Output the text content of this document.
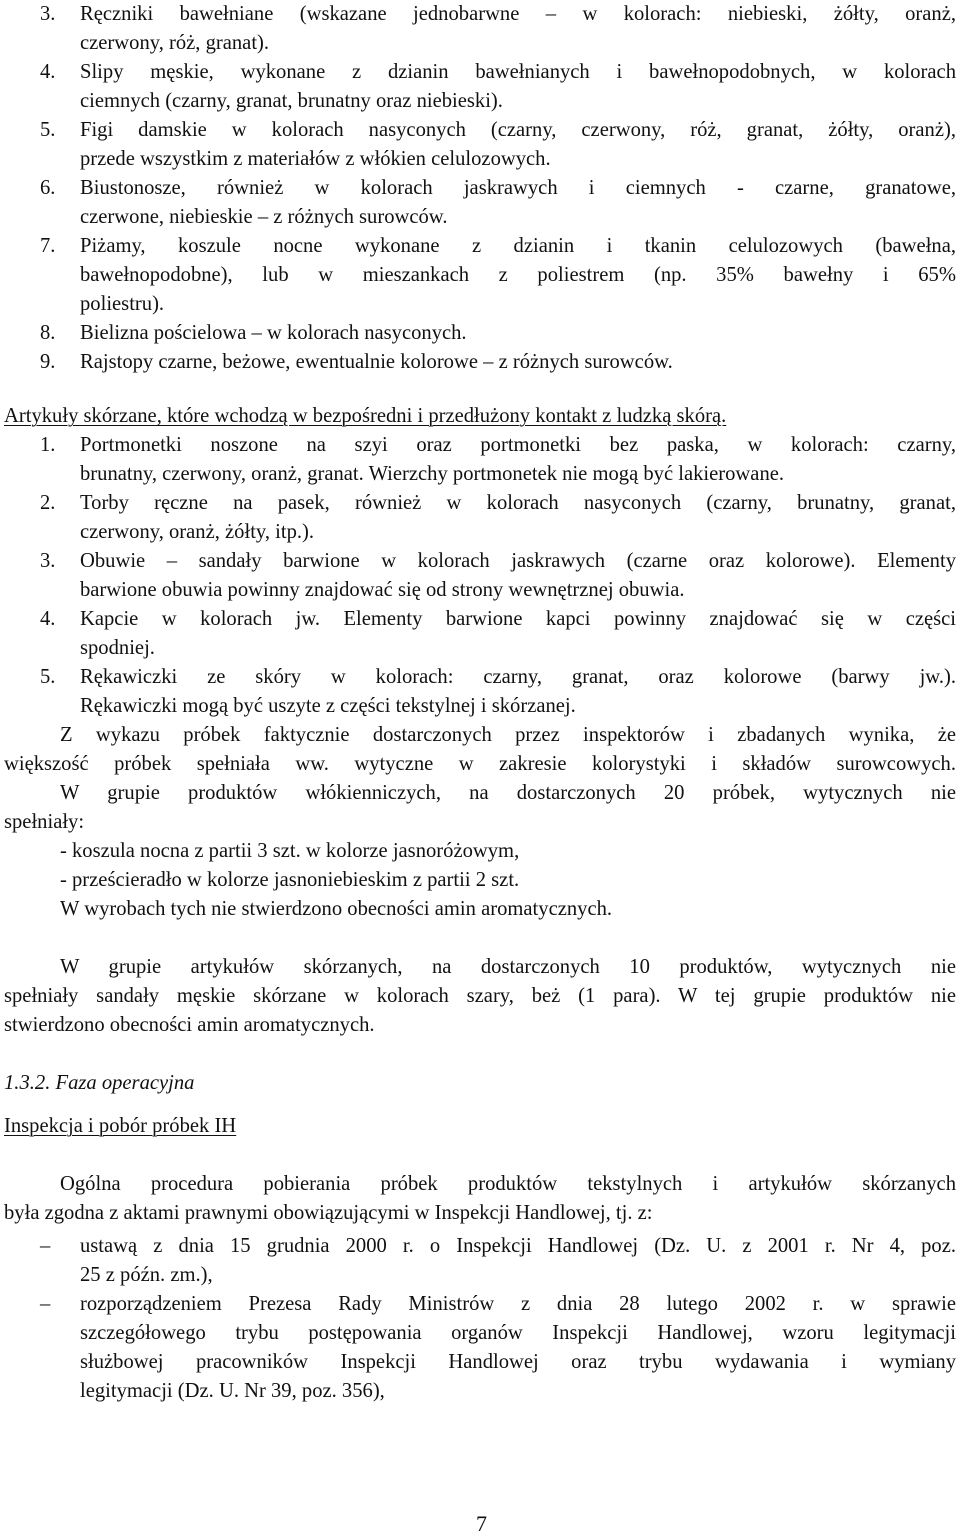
3. Ręczniki bawełniane (wskazane jednobarwne – w kolorach: niebieski, żółty, oranż,
czerwony, róż, granat).
4. Slipy męskie, wykonane z dzianin bawełnianych i bawełnopodobnych, w kolorach
ciemnych (czarny, granat, brunatny oraz niebieski).
5. Figi damskie w kolorach nasyconych (czarny, czerwony, róż, granat, żółty, oranż),
przede wszystkim z materiałów z włókien celulozowych.
6. Biustonosze, również w kolorach jaskrawych i ciemnych - czarne, granatowe,
czerwone, niebieskie – z różnych surowców.
7. Piżamy, koszule nocne wykonane z dzianin i tkanin celulozowych (bawełna,
bawełnopodobne), lub w mieszankach z poliestrem (np. 35% bawełny i 65%
poliestru).
8. Bielizna pościelowa – w kolorach nasyconych.
9. Rajstopy czarne, beżowe, ewentualnie kolorowe – z różnych surowców.
Artykuły skórzane, które wchodzą w bezpośredni i przedłużony kontakt z ludzką skórą.
1. Portmonetki noszone na szyi oraz portmonetki bez paska, w kolorach: czarny,
brunatny, czerwony, oranż, granat. Wierzchy portmonetek nie mogą być lakierowane.
2. Torby ręczne na pasek, również w kolorach nasyconych (czarny, brunatny, granat,
czerwony, oranż, żółty, itp.).
3. Obuwie – sandały barwione w kolorach jaskrawych (czarne oraz kolorowe). Elementy
barwione obuwia powinny znajdować się od strony wewnętrznej obuwia.
4. Kapcie w kolorach jw. Elementy barwione kapci powinny znajdować się w części
spodniej.
5. Rękawiczki ze skóry w kolorach: czarny, granat, oraz kolorowe (barwy jw.).
Rękawiczki mogą być uszyte z części tekstylnej i skórzanej.
Z wykazu próbek faktycznie dostarczonych przez inspektorów i zbadanych wynika, że
większość próbek spełniała ww. wytyczne w zakresie kolorystyki i składów surowcowych.
W grupie produktów włókienniczych, na dostarczonych 20 próbek, wytycznych nie
spełniały:
- koszula nocna z partii 3 szt. w kolorze jasnoróżowym,
- prześcieradło w kolorze jasnoniebieskim z partii 2 szt.
W wyrobach tych nie stwierdzono obecności amin aromatycznych.
W grupie artykułów skórzanych, na dostarczonych 10 produktów, wytycznych nie
spełniały sandały męskie skórzane w kolorach szary, beż (1 para). W tej grupie produktów nie
stwierdzono obecności amin aromatycznych.
1.3.2. Faza operacyjna
Inspekcja i pobór próbek IH
Ogólna procedura pobierania próbek produktów tekstylnych i artykułów skórzanych
była zgodna z aktami prawnymi obowiązującymi w Inspekcji Handlowej, tj. z:
– ustawą z dnia 15 grudnia 2000 r. o Inspekcji Handlowej (Dz. U. z 2001 r. Nr 4, poz.
25 z późn. zm.),
– rozporządzeniem Prezesa Rady Ministrów z dnia 28 lutego 2002 r. w sprawie
szczegółowego trybu postępowania organów Inspekcji Handlowej, wzoru legitymacji
służbowej pracowników Inspekcji Handlowej oraz trybu wydawania i wymiany
legitymacji (Dz. U. Nr 39, poz. 356),
7
